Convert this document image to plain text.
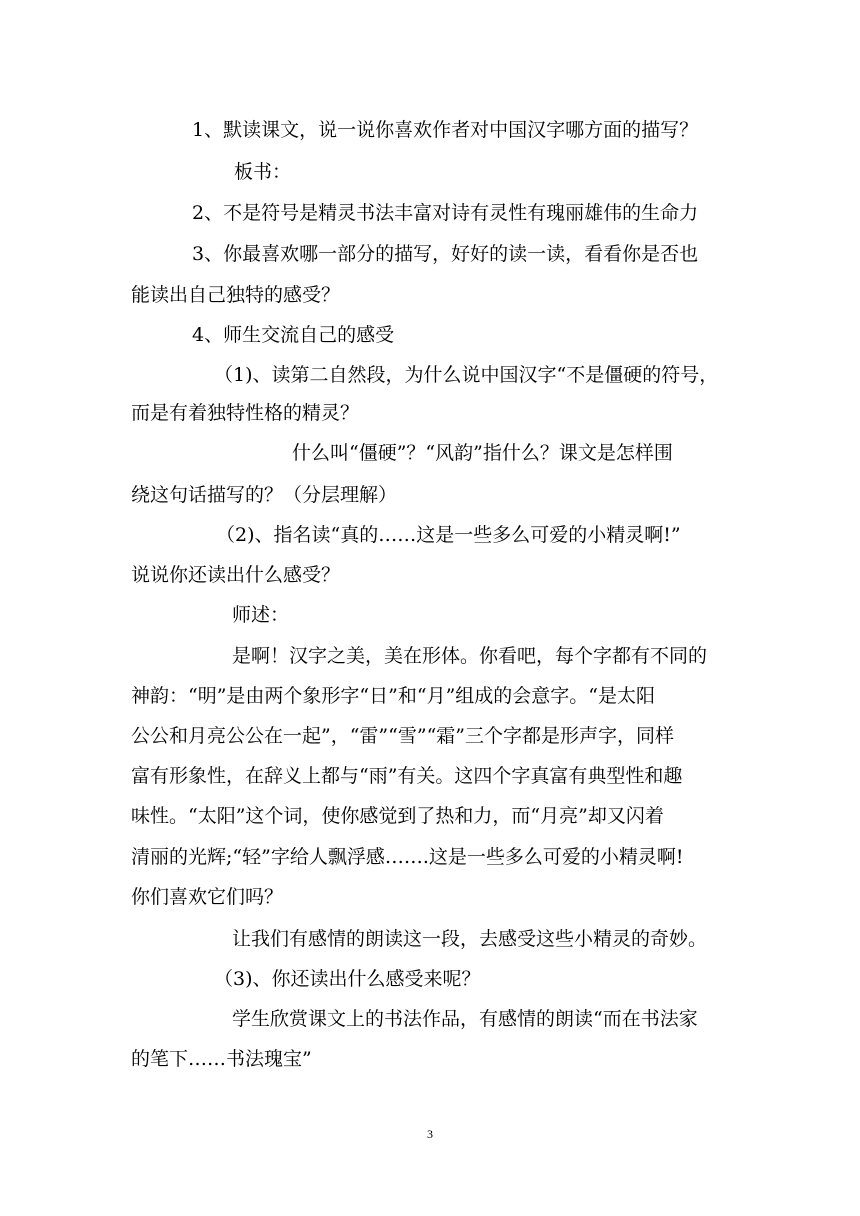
1、默读课文，说一说你喜欢作者对中国汉字哪方面的描写？

板书：

2、不是符号是精灵书法丰富对诗有灵性有瑰丽雄伟的生命力

3、你最喜欢哪一部分的描写，好好的读一读，看看你是否也

能读出自己独特的感受？

4、师生交流自己的感受

（1)、读第二自然段，为什么说中国汉字“不是僵硬的符号，

而是有着独特性格的精灵？

什么叫“僵硬”？“风韵”指什么？课文是怎样围

绕这句话描写的？（分层理解）

（2)、指名读“真的……这是一些多么可爱的小精灵啊!”

说说你还读出什么感受？

师述：

是啊！汉字之美，美在形体。你看吧，每个字都有不同的

神韵：“明”是由两个象形字“日”和“月”组成的会意字。“是太阳

公公和月亮公公在一起”，“雷”“雪”“霜”三个字都是形声字，同样

富有形象性，在辞义上都与“雨”有关。这四个字真富有典型性和趣

味性。“太阳”这个词，使你感觉到了热和力，而“月亮”却又闪着

清丽的光辉;“轻”字给人飘浮感…….这是一些多么可爱的小精灵啊!

你们喜欢它们吗？

让我们有感情的朗读这一段，去感受这些小精灵的奇妙。

（3)、你还读出什么感受来呢？

学生欣赏课文上的书法作品，有感情的朗读“而在书法家

的笔下……书法瑰宝”

3
